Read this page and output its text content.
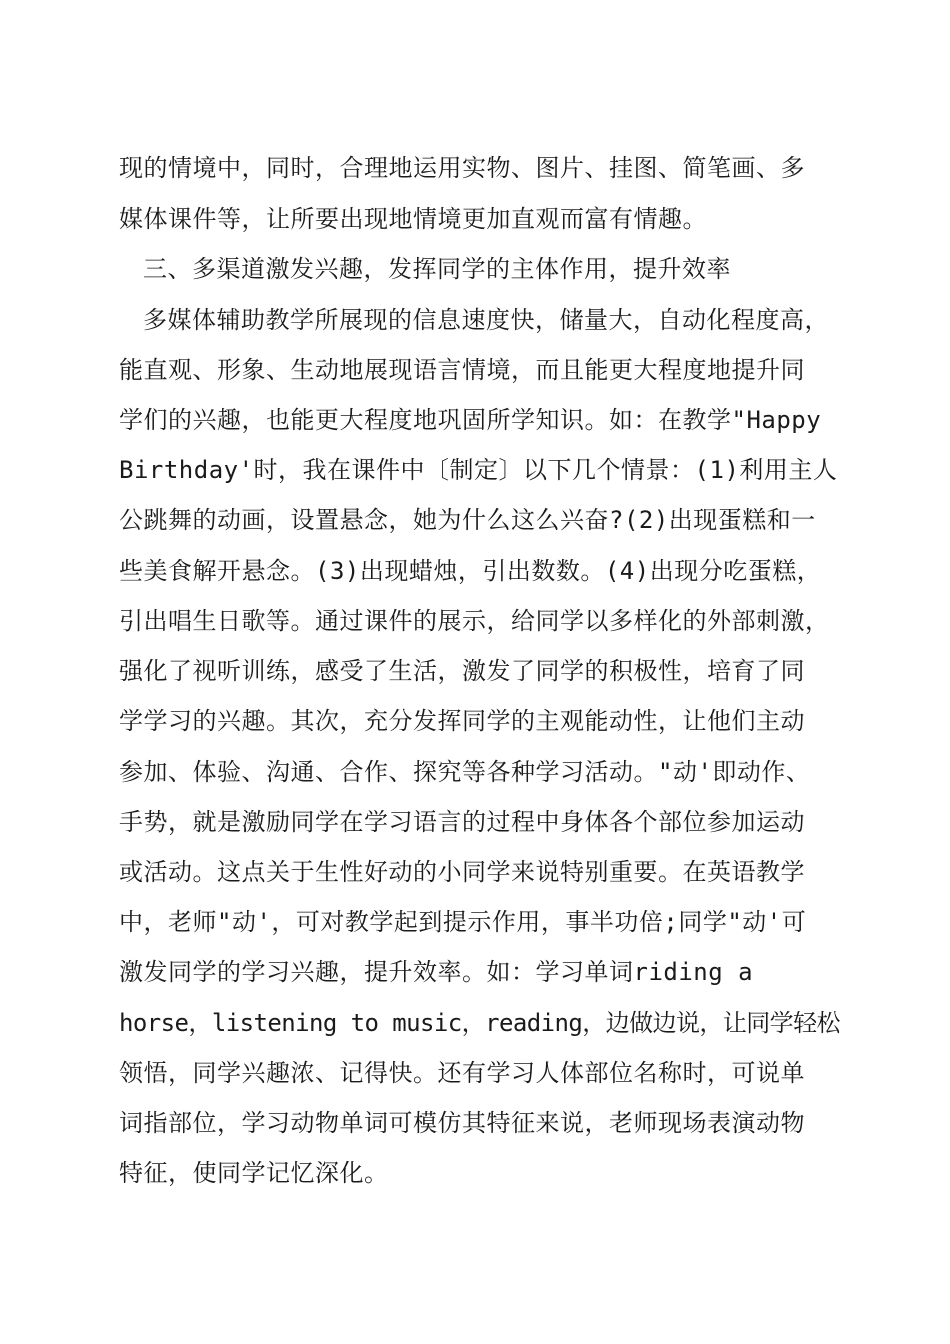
现的情境中，同时，合理地运用实物、图片、挂图、简笔画、多
媒体课件等，让所要出现地情境更加直观而富有情趣。
三、多渠道激发兴趣，发挥同学的主体作用，提升效率
多媒体辅助教学所展现的信息速度快，储量大，自动化程度高，
能直观、形象、生动地展现语言情境，而且能更大程度地提升同
学们的兴趣，也能更大程度地巩固所学知识。如：在教学"Happy
Birthday'时，我在课件中〔制定〕以下几个情景：(1)利用主人
公跳舞的动画，设置悬念，她为什么这么兴奋?(2)出现蛋糕和一
些美食解开悬念。(3)出现蜡烛，引出数数。(4)出现分吃蛋糕，
引出唱生日歌等。通过课件的展示，给同学以多样化的外部刺激，
强化了视听训练，感受了生活，激发了同学的积极性，培育了同
学学习的兴趣。其次，充分发挥同学的主观能动性，让他们主动
参加、体验、沟通、合作、探究等各种学习活动。"动'即动作、
手势，就是激励同学在学习语言的过程中身体各个部位参加运动
或活动。这点关于生性好动的小同学来说特别重要。在英语教学
中，老师"动'，可对教学起到提示作用，事半功倍;同学"动'可
激发同学的学习兴趣，提升效率。如：学习单词riding a
horse，listening to music，reading，边做边说，让同学轻松
领悟，同学兴趣浓、记得快。还有学习人体部位名称时，可说单
词指部位，学习动物单词可模仿其特征来说，老师现场表演动物
特征，使同学记忆深化。
